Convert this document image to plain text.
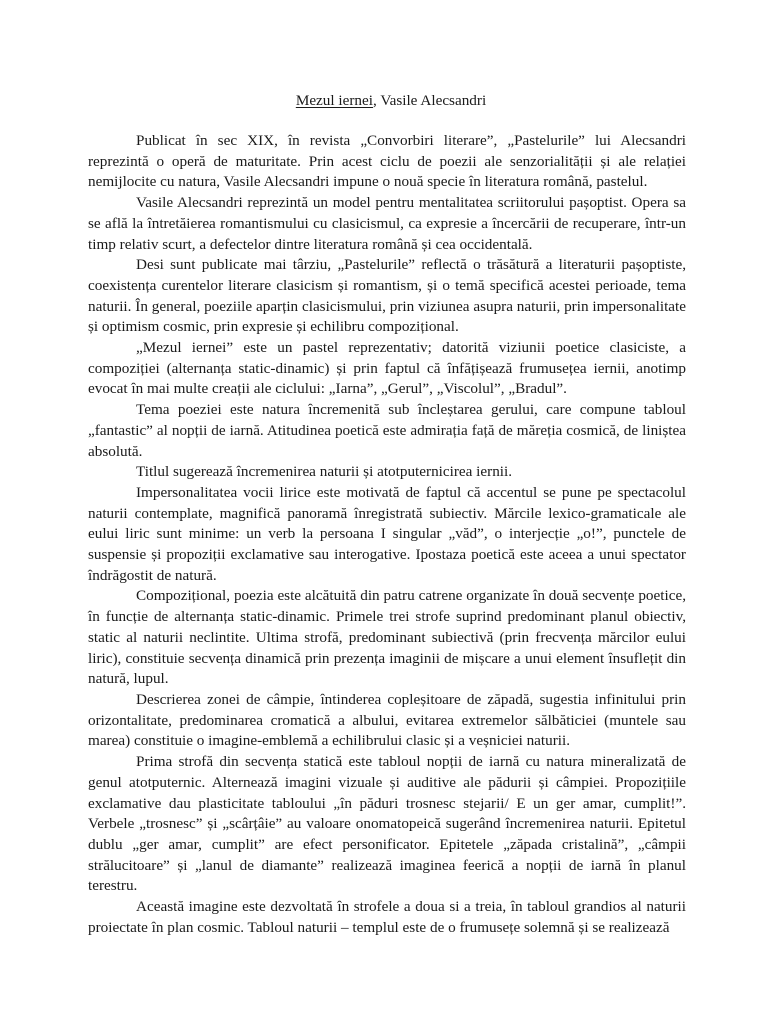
Mezul iernei, Vasile Alecsandri

Publicat în sec XIX, în revista „Convorbiri literare”, „Pastelurile” lui Alecsandri reprezintă o operă de maturitate. Prin acest ciclu de poezii ale senzorialității și ale relației nemijlocite cu natura, Vasile Alecsandri impune o nouă specie în literatura română, pastelul.

Vasile Alecsandri reprezintă un model pentru mentalitatea scriitorului pașoptist. Opera sa se află la întretăierea romantismului cu clasicismul, ca expresie a încercării de recuperare, într-un timp relativ scurt, a defectelor dintre literatura română și cea occidentală.

Desi sunt publicate mai târziu, „Pastelurile” reflectă o trăsătură a literaturii pașoptiste, coexistența curentelor literare clasicism și romantism, și o temă specifică acestei perioade, tema naturii. În general, poeziile aparțin clasicismului, prin viziunea asupra naturii, prin impersonalitate și optimism cosmic, prin expresie și echilibru compozițional.

„Mezul iernei” este un pastel reprezentativ; datorită viziunii poetice clasiciste, a compoziției (alternanța static-dinamic) și prin faptul că înfățișează frumusețea iernii, anotimp evocat în mai multe creații ale ciclului: „Iarna”, „Gerul”, „Viscolul”, „Bradul”.

Tema poeziei este natura încremenită sub încleștarea gerului, care compune tabloul „fantastic” al nopții de iarnă. Atitudinea poetică este admirația față de măreția cosmică, de liniștea absolută.

Titlul sugerează încremenirea naturii și atotputernicirea iernii.

Impersonalitatea vocii lirice este motivată de faptul că accentul se pune pe spectacolul naturii contemplate, magnifică panoramă înregistrată subiectiv. Mărcile lexico-gramaticale ale eului liric sunt minime: un verb la persoana I singular „văd”, o interjecție „o!”, punctele de suspensie și propoziții exclamative sau interogative. Ipostaza poetică este aceea a unui spectator îndrăgostit de natură.

Compozițional, poezia este alcătuită din patru catrene organizate în două secvențe poetice, în funcție de alternanța static-dinamic. Primele trei strofe suprind predominant planul obiectiv, static al naturii neclintite. Ultima strofă, predominant subiectivă (prin frecvența mărcilor eului liric), constituie secvența dinamică prin prezența imaginii de mișcare a unui element însuflețit din natură, lupul.

Descrierea zonei de câmpie, întinderea copleșitoare de zăpadă, sugestia infinitului prin orizontalitate, predominarea cromatică a albului, evitarea extremelor sălbăticiei (muntele sau marea) constituie o imagine-emblemă a echilibrului clasic și a veșniciei naturii.

Prima strofă din secvența statică este tabloul nopții de iarnă cu natura mineralizată de genul atotputernic. Alternează imagini vizuale și auditive ale pădurii și câmpiei. Propozițiile exclamative dau plasticitate tabloului „în păduri trosnesc stejarii/ E un ger amar, cumplit!”. Verbele „trosnesc” și „scârțâie” au valoare onomatopeică sugerând încremenirea naturii. Epitetul dublu „ger amar, cumplit” are efect personificator. Epitetele „zăpada cristalină”, „câmpii strălucitoare” și „lanul de diamante” realizează imaginea feerică a nopții de iarnă în planul terestru.

Această imagine este dezvoltată în strofele a doua si a treia, în tabloul grandios al naturii proiectate în plan cosmic. Tabloul naturii – templul este de o frumusețe solemnă și se realizează
